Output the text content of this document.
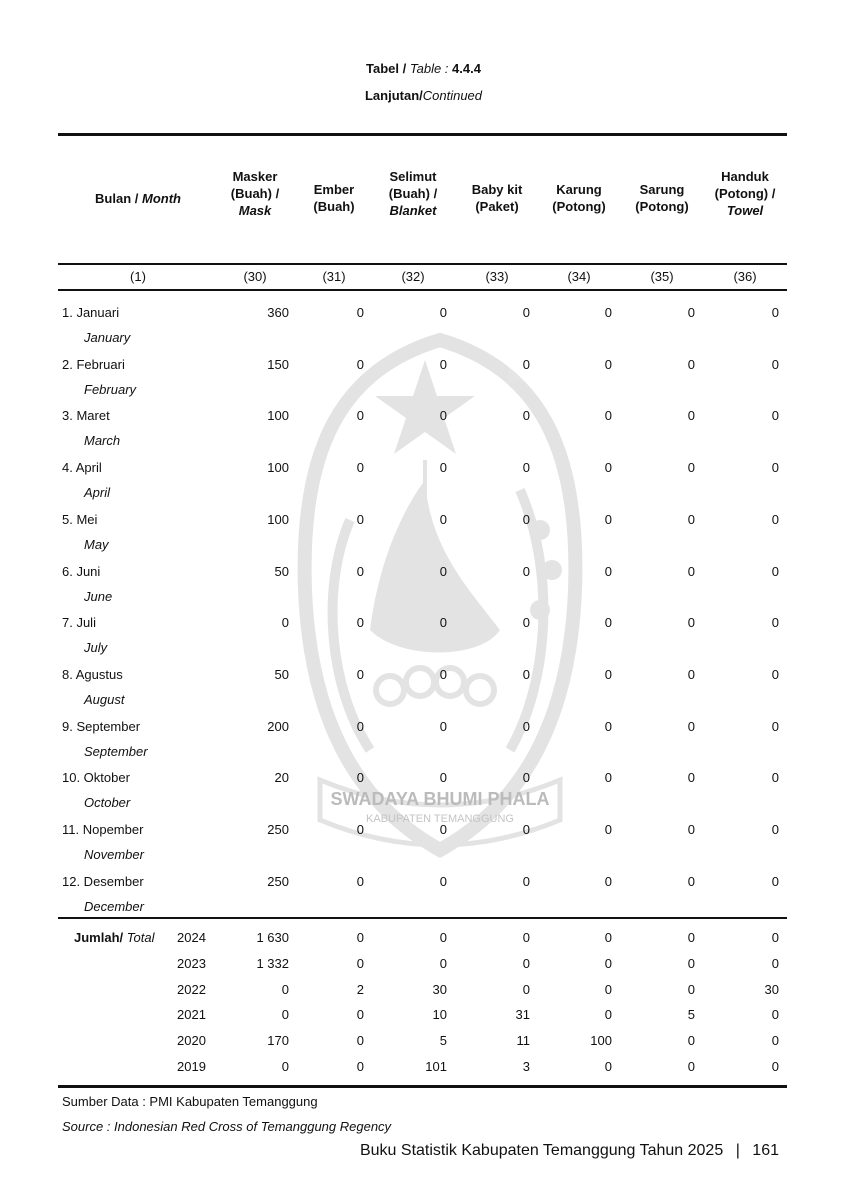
SWADAYA BHUMI PHALA
KABUPATEN TEMANGGUNG
Tabel / Table : 4.4.4
Lanjutan/Continued
Bulan / Month
Masker
(Buah) /
Mask
Ember
(Buah)
Selimut
(Buah) /
Blanket
Baby kit
(Paket)
Karung
(Potong)
Sarung
(Potong)
Handuk
(Potong) /
Towel
(1)	(30)	(31)	(32)	(33)	(34)	(35)	(36)
1. Januari
January
360	0	0	0	0	0	0
2. Februari
February
150	0	0	0	0	0	0
3. Maret
March
100	0	0	0	0	0	0
4. April
April
100	0	0	0	0	0	0
5. Mei
May
100	0	0	0	0	0	0
6. Juni
June
50	0	0	0	0	0	0
7. Juli
July
0	0	0	0	0	0	0
8. Agustus
August
50	0	0	0	0	0	0
9. September
September
200	0	0	0	0	0	0
10. Oktober
October
20	0	0	0	0	0	0
11. Nopember
November
250	0	0	0	0	0	0
12. Desember
December
250	0	0	0	0	0	0
Jumlah/ Total 2024	1 630	0	0	0	0	0	0
2023	1 332	0	0	0	0	0	0
2022	0	2	30	0	0	0	30
2021	0	0	10	31	0	5	0
2020	170	0	5	11	100	0	0
2019	0	0	101	3	0	0	0
Sumber Data : PMI Kabupaten Temanggung
Source : Indonesian Red Cross of Temanggung Regency
Buku Statistik Kabupaten Temanggung Tahun 2025 | 161
